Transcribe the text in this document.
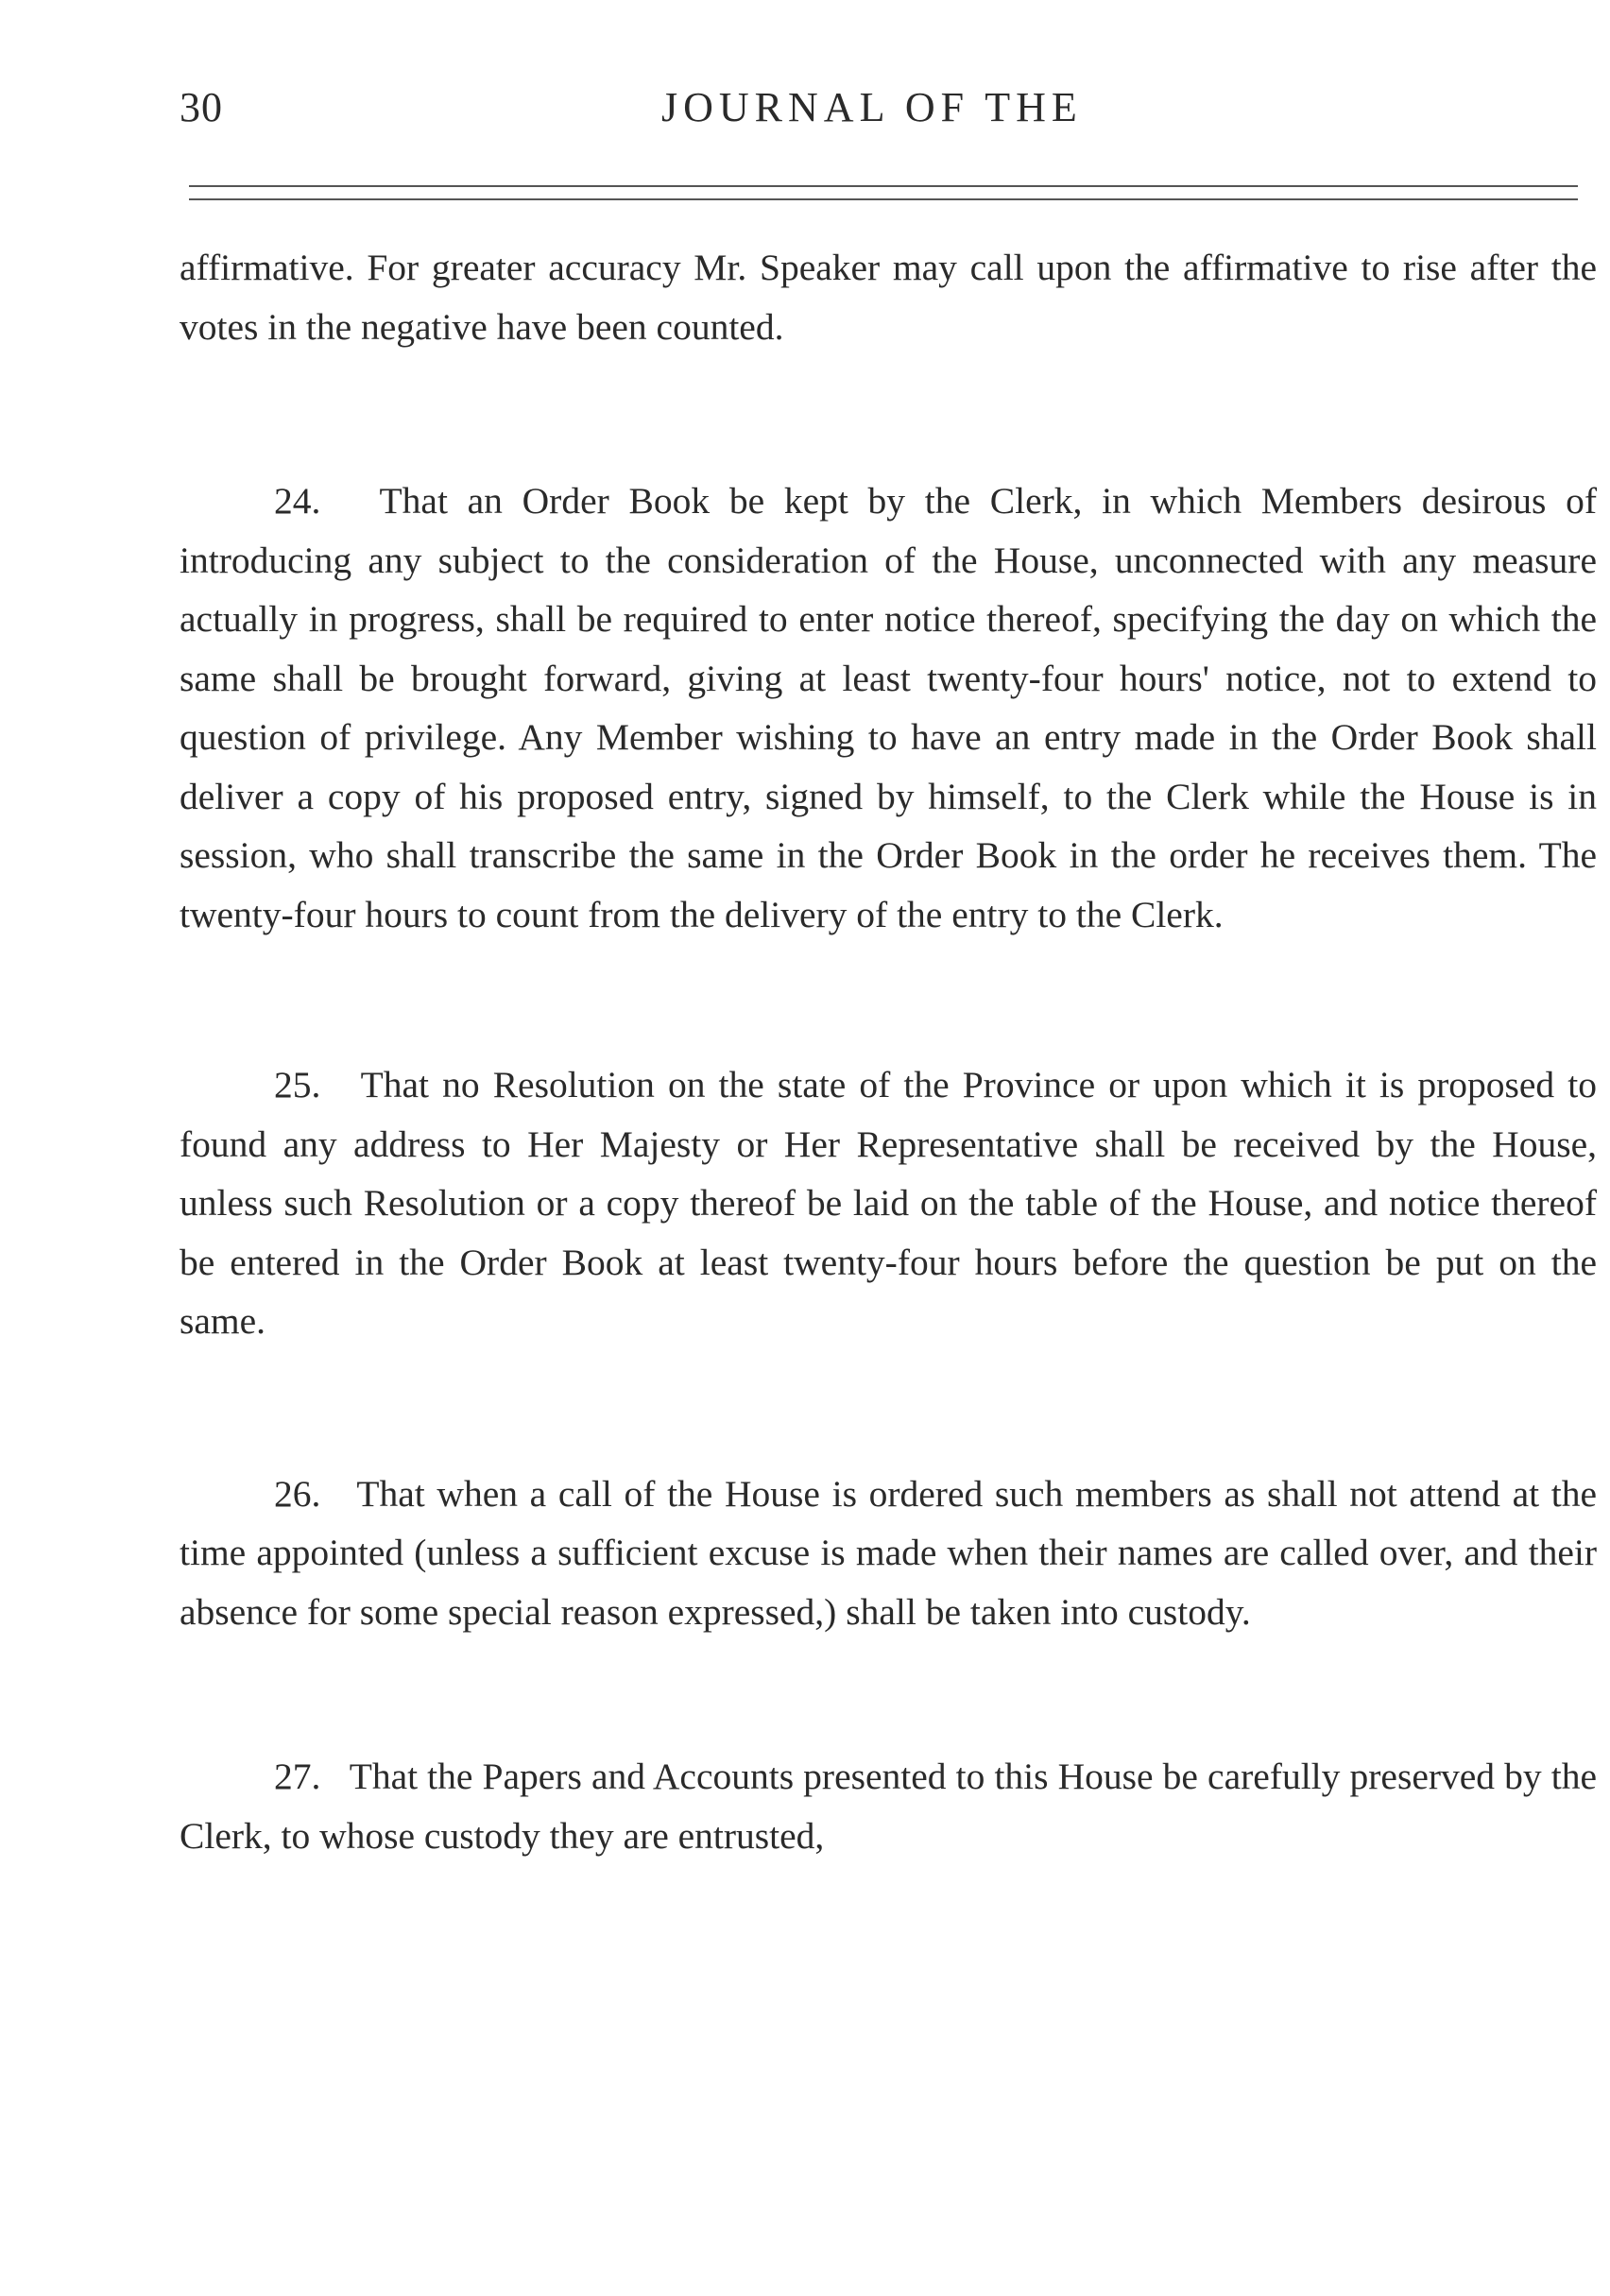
30	JOURNAL OF THE

affirmative. For greater accuracy Mr. Speaker may call upon the affirmative to rise after the votes in the negative have been counted.

24. That an Order Book be kept by the Clerk, in which Members desirous of introducing any subject to the consideration of the House, unconnected with any measure actually in progress, shall be required to enter notice thereof, specifying the day on which the same shall be brought forward, giving at least twenty-four hours' notice, not to extend to question of privilege. Any Member wishing to have an entry made in the Order Book shall deliver a copy of his proposed entry, signed by himself, to the Clerk while the House is in session, who shall transcribe the same in the Order Book in the order he receives them. The twenty-four hours to count from the delivery of the entry to the Clerk.

25. That no Resolution on the state of the Province or upon which it is proposed to found any address to Her Majesty or Her Representative shall be received by the House, unless such Resolution or a copy thereof be laid on the table of the House, and notice thereof be entered in the Order Book at least twenty-four hours before the question be put on the same.

26. That when a call of the House is ordered such members as shall not attend at the time appointed (unless a sufficient excuse is made when their names are called over, and their absence for some special reason expressed,) shall be taken into custody.

27. That the Papers and Accounts presented to this House be carefully preserved by the Clerk, to whose custody they are entrusted,
